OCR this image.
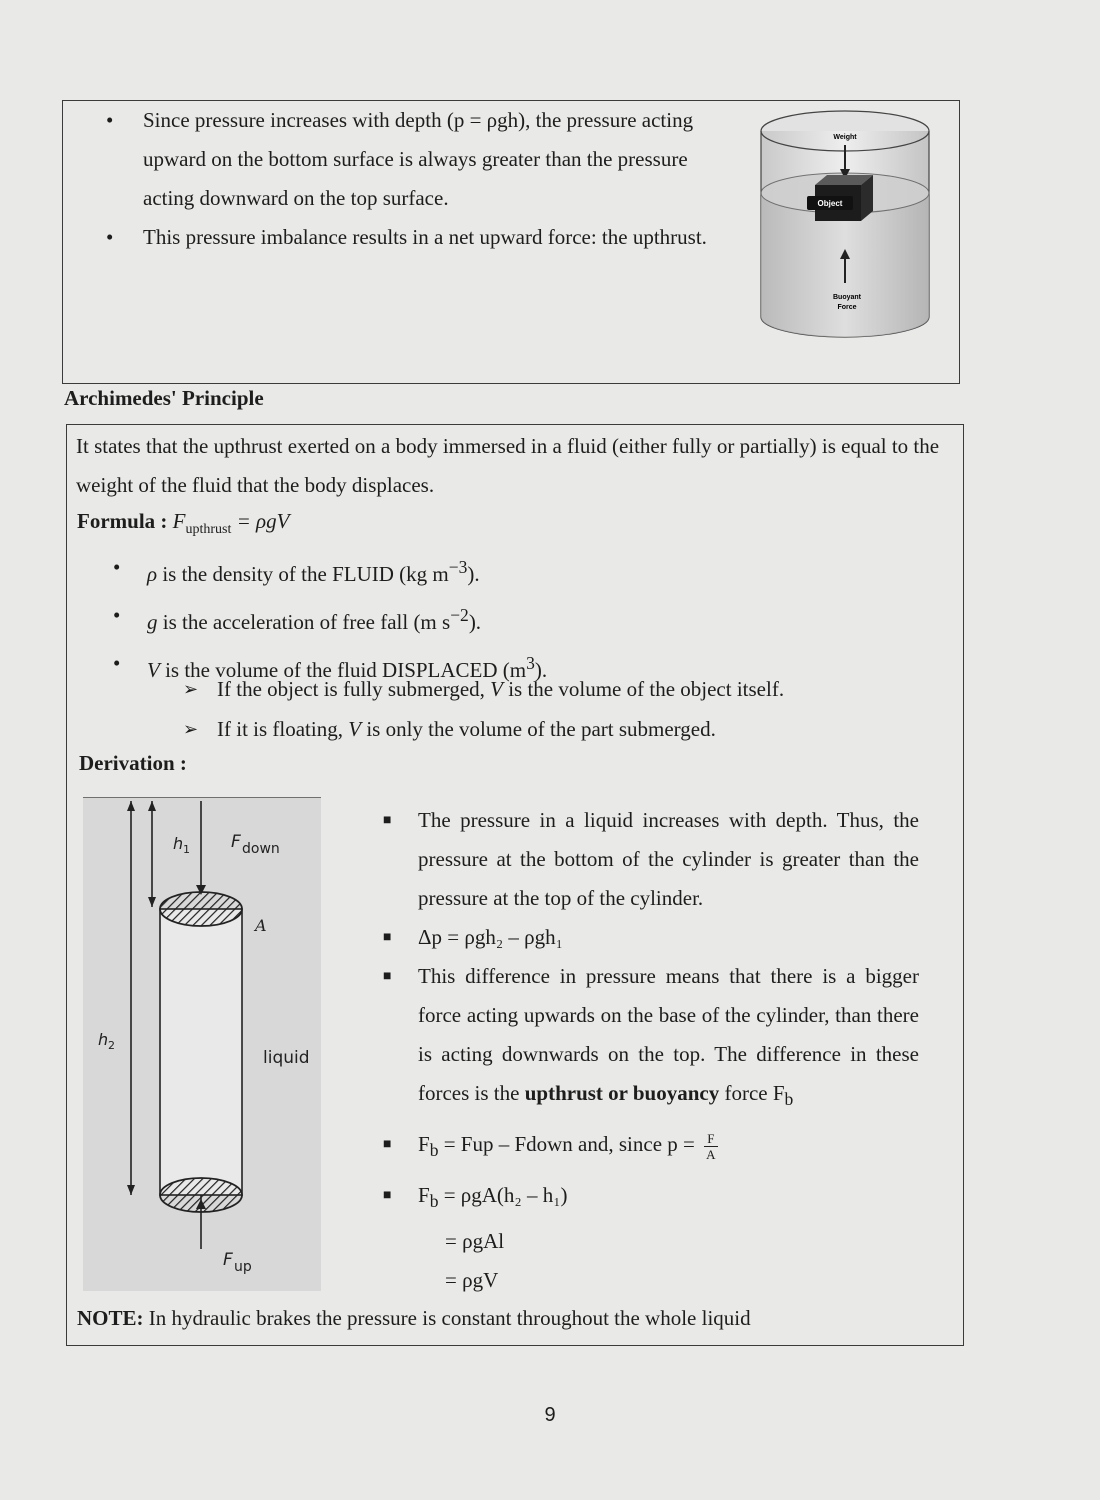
• Since pressure increases with depth (p = ρgh), the pressure acting upward on the bottom surface is always greater than the pressure acting downward on the top surface.
• This pressure imbalance results in a net upward force: the upthrust.
Weight
Object
Buoyant
Force
Archimedes' Principle
It states that the upthrust exerted on a body immersed in a fluid (either fully or partially) is equal to the weight of the fluid that the body displaces.
Formula : $F_{upthrust} = \rho gV$
• ρ is the density of the FLUID (kg $m^{-3}$).
• g is the acceleration of free fall (m $s^{-2}$).
• V is the volume of the fluid DISPLACED $(m^3)$.
➢ If the object is fully submerged, V is the volume of the object itself.
➢ If it is floating, V is only the volume of the part submerged.
Derivation :
h 1
h 2
F down
A
liquid
F up
■ The pressure in a liquid increases with depth. Thus, the pressure at the bottom of the cylinder is greater than the pressure at the top of the cylinder.
■ Δp = ρgh₂ – ρgh₁
■ This difference in pressure means that there is a bigger force acting upwards on the base of the cylinder, than there is acting downwards on the top. The difference in these forces is the upthrust or buoyancy force $F_b$
■ $F_b$ = Fup – Fdown and, since $p = \frac{F}{A}$
■ $F_b = \rho gA(h_2 - h_1)$
= ρgAl
= ρgV
NOTE: In hydraulic brakes the pressure is constant throughout the whole liquid
9
